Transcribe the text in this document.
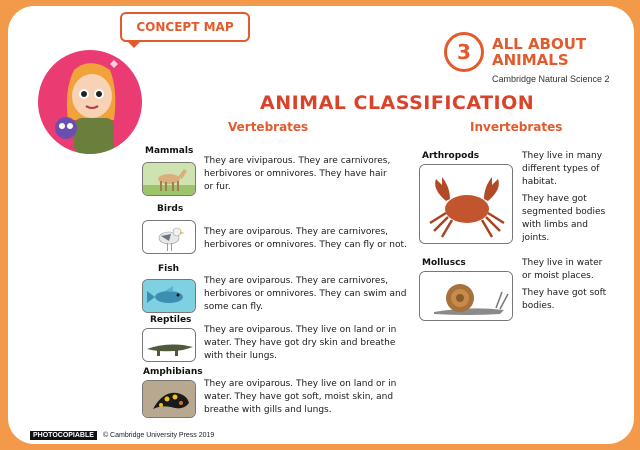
CONCEPT MAP
3	ALL ABOUT
ANIMALS
Cambridge Natural Science 2
ANIMAL CLASSIFICATION
Vertebrates	Invertebrates
Mammals
They are viviparous. They are carnivores,
herbivores or omnivores. They have hair
or fur.
Birds
They are oviparous. They are carnivores,
herbivores or omnivores. They can fly or not.
Fish
They are oviparous. They are carnivores,
herbivores or omnivores. They can swim and
some can fly.
Reptiles
They are oviparous. They live on land or in
water. They have got dry skin and breathe
with their lungs.
Amphibians
They are oviparous. They live on land or in
water. They have got soft, moist skin, and
breathe with gills and lungs.
Arthropods	They live in many
different types of
habitat.
They have got
segmented bodies
with limbs and
joints.
Molluscs	They live in water
or moist places.
They have got soft
bodies.
PHOTOCOPIABLE	© Cambridge University Press 2019
